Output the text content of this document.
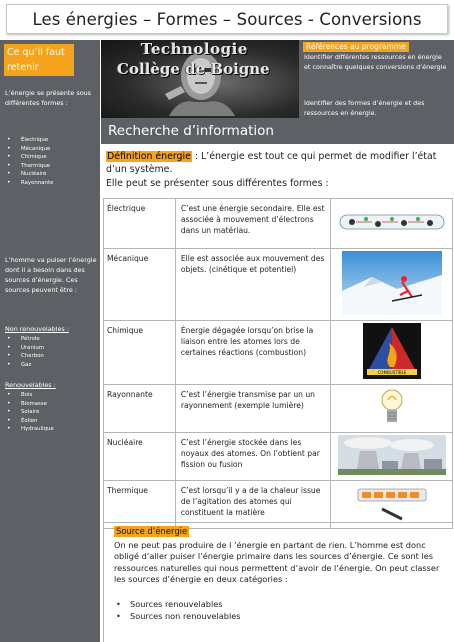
Les énergies – Formes – Sources - Conversions
Ce qu’il faut retenir
L’énergie se présente sous différentes formes :
• Électrique
• Mécanique
• Chimique
• Thermique
• Nucléaire
• Rayonnante
L’homme va puiser l’énergie dont il a besoin dans des sources d’énergie. Ces sources peuvent être :
Non renouvelables :
• Pétrole
• Uranium
• Charbon
• Gaz
Renouvelables :
• Bois
• Biomasse
• Solaire
• Éolien
• Hydraulique
Technologie
Collège de Boigne
Recherche d’information
Références au programme
Identifier différentes ressources en énergie et connaître quelques conversions d’énergie
Identifier des formes d’énergie et des ressources en énergie.
Définition énergie : L’énergie est tout ce qui permet de modifier l’état d’un système.
Elle peut se présenter sous différentes formes :
Électrique	C’est une énergie secondaire. Elle est associée à mouvement d’électrons dans un matériau.	
Mécanique	Elle est associée aux mouvement des objets. (cinétique et potentiel)	
Chimique	Énergie dégagée lorsqu’on brise la liaison entre les atomes lors de certaines réactions (combustion)	COMBUSTIBLE

Rayonnante	C’est l’énergie transmise par un un rayonnement (exemple lumière)	
Nucléaire	C’est l’énergie stockée dans les noyaux des atomes. On l’obtient par fission ou fusion	
Thermique	C’est lorsqu’il y a de la chaleur issue de l’agitation des atomes qui constituent la matière	
Source d’énergie
On ne peut pas produire de l ’énergie en partant de rien. L’homme est donc obligé d’aller puiser l’énergie primaire dans les sources d’énergie. Ce sont les ressources naturelles qui nous permettent d’avoir de l’énergie. On peut classer les sources d’énergie en deux catégories :
• Sources renouvelables
• Sources non renouvelables
